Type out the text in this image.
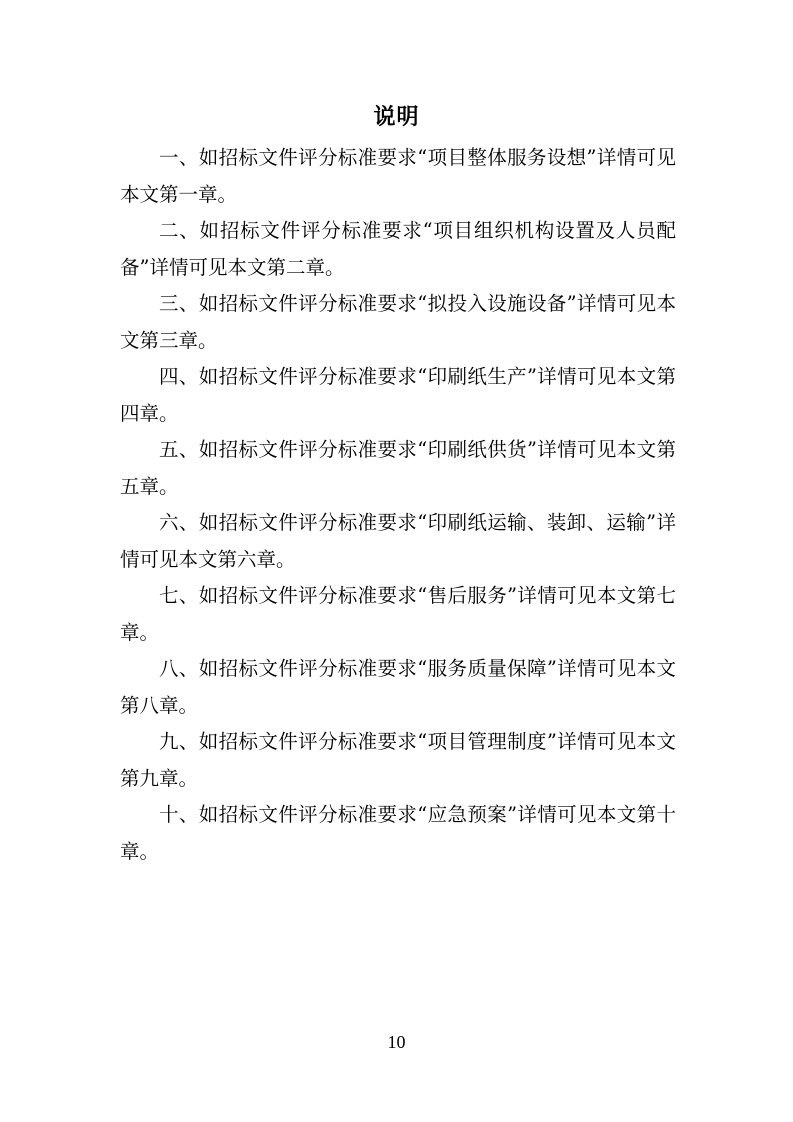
说明

一、如招标文件评分标准要求“项目整体服务设想”详情可见本文第一章。

二、如招标文件评分标准要求“项目组织机构设置及人员配备”详情可见本文第二章。

三、如招标文件评分标准要求“拟投入设施设备”详情可见本文第三章。

四、如招标文件评分标准要求“印刷纸生产”详情可见本文第四章。

五、如招标文件评分标准要求“印刷纸供货”详情可见本文第五章。

六、如招标文件评分标准要求“印刷纸运输、装卸、运输”详情可见本文第六章。

七、如招标文件评分标准要求“售后服务”详情可见本文第七章。

八、如招标文件评分标准要求“服务质量保障”详情可见本文第八章。

九、如招标文件评分标准要求“项目管理制度”详情可见本文第九章。

十、如招标文件评分标准要求“应急预案”详情可见本文第十章。

10
